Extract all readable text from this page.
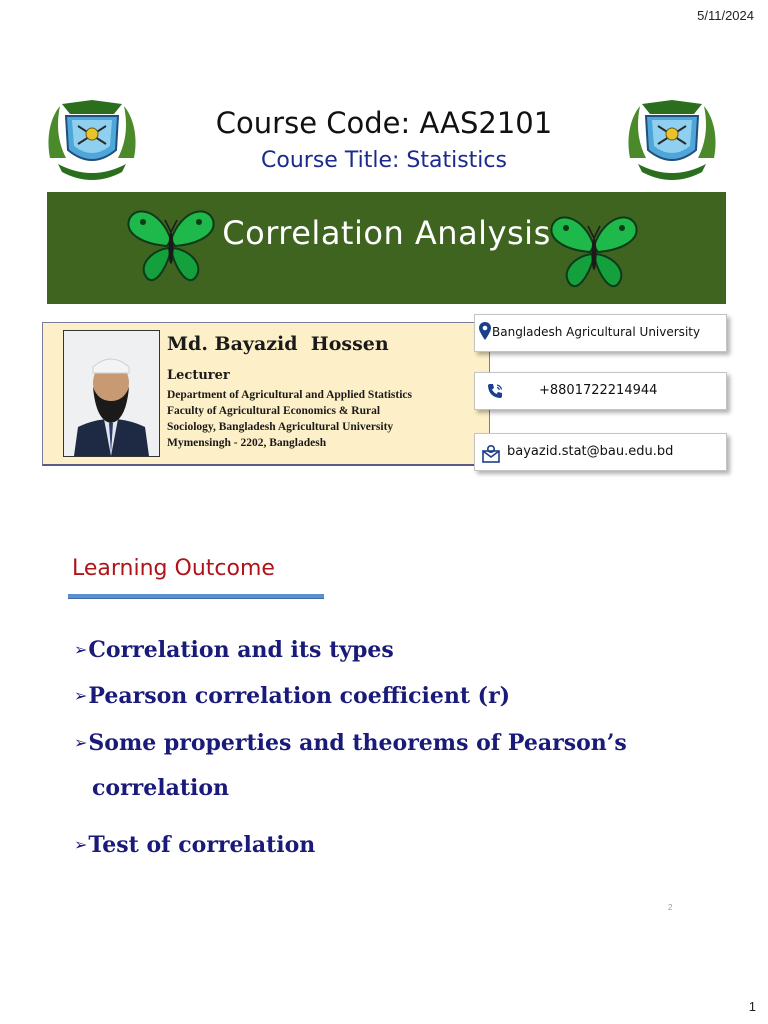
5/11/2024
Course Code: AAS2101
Course Title: Statistics
Correlation Analysis
Md. Bayazid  Hossen
Lecturer
Department of Agricultural and Applied Statistics
Faculty of Agricultural Economics & Rural
Sociology, Bangladesh Agricultural University
Mymensingh - 2202, Bangladesh
Bangladesh Agricultural University
+8801722214944
bayazid.stat@bau.edu.bd
Learning Outcome
➢Correlation and its types
➢Pearson correlation coefficient (r)
➢Some properties and theorems of Pearson’s
correlation
➢Test of correlation
2
1
